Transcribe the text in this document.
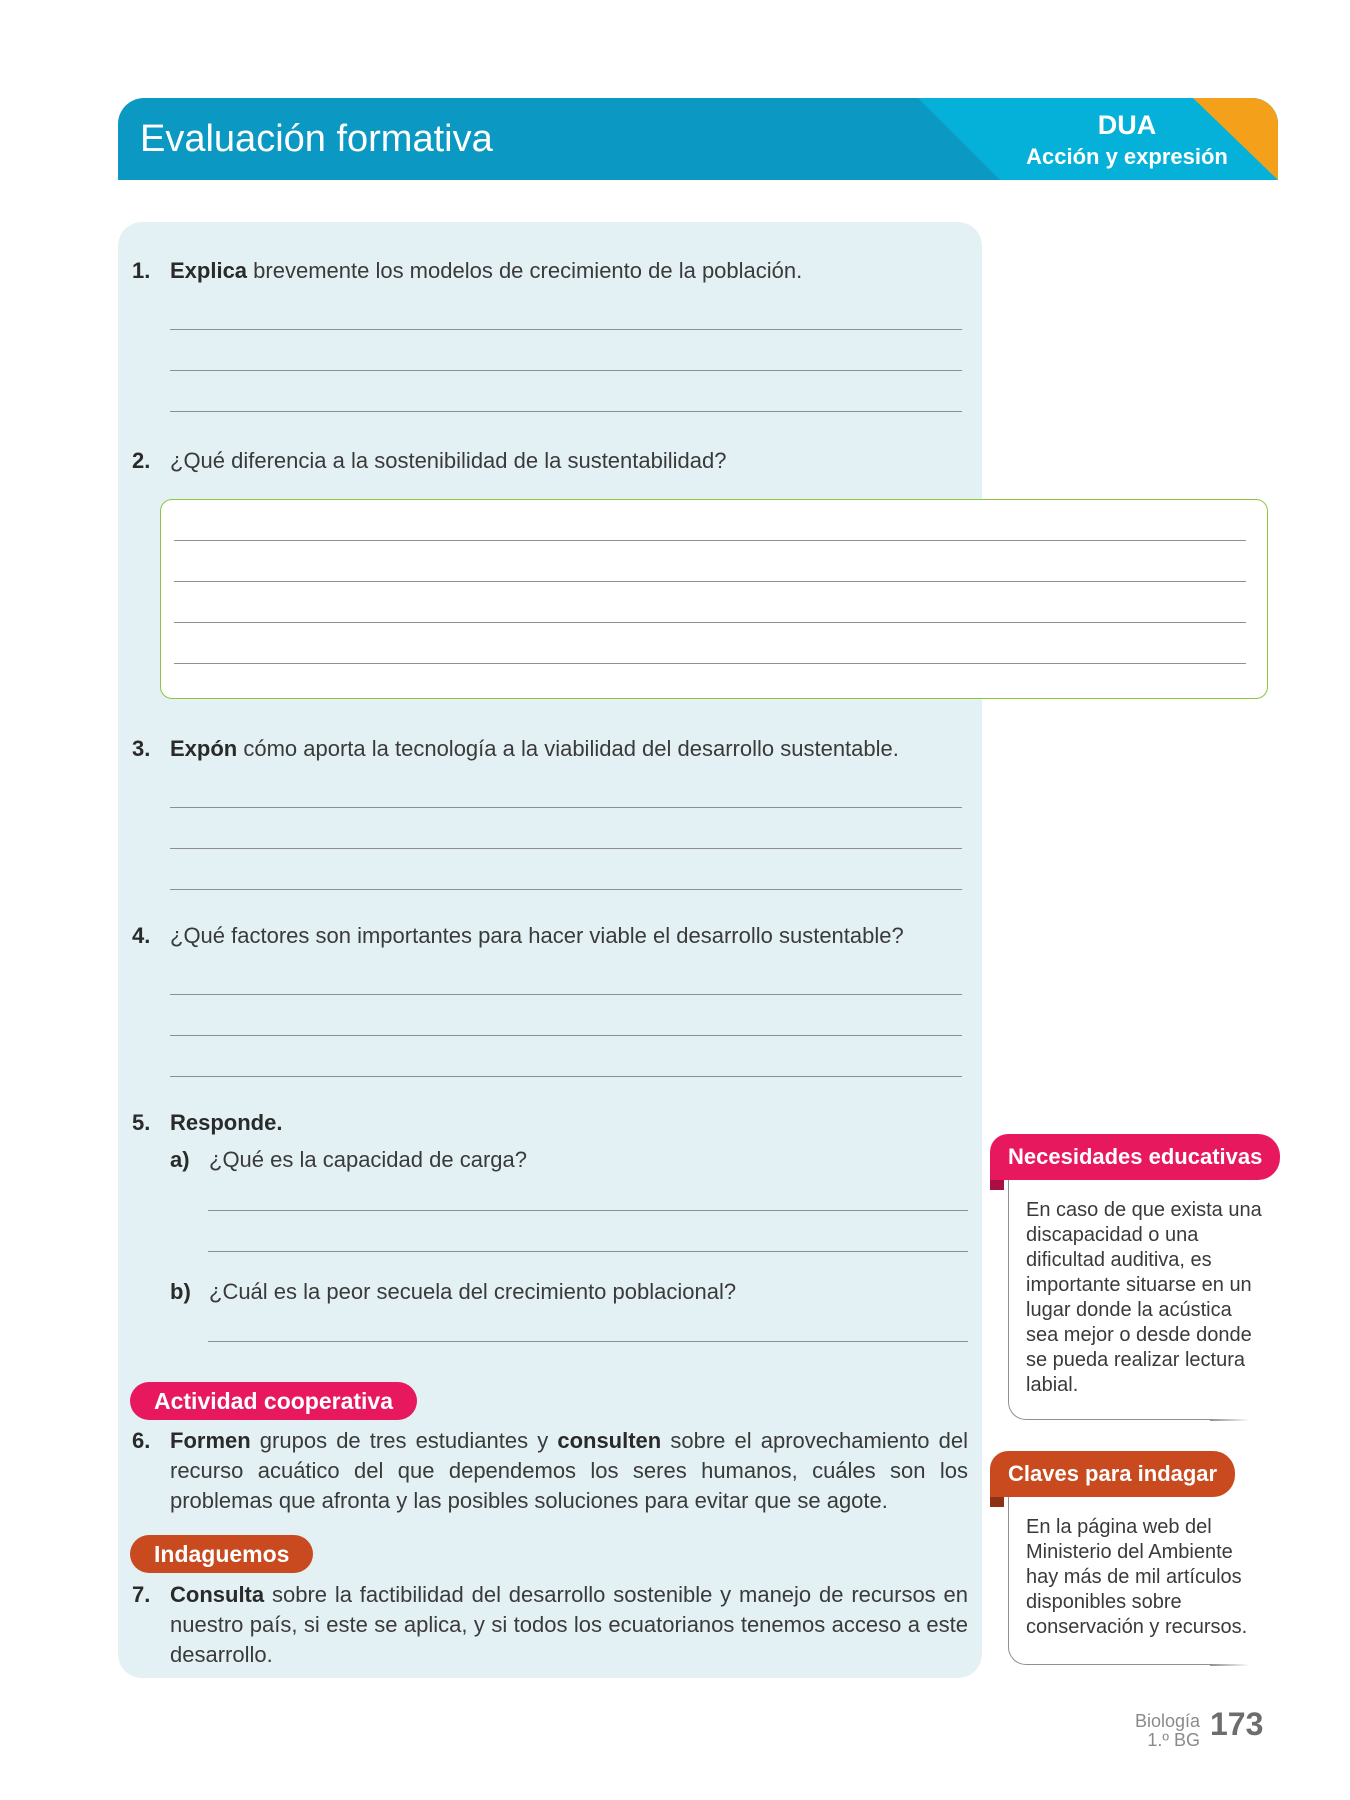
Evaluación formativa	DUA
Acción y expresión
1. Explica brevemente los modelos de crecimiento de la población.
2. ¿Qué diferencia a la sostenibilidad de la sustentabilidad?
3. Expón cómo aporta la tecnología a la viabilidad del desarrollo sustentable.
4. ¿Qué factores son importantes para hacer viable el desarrollo sustentable?
5. Responde.
a) ¿Qué es la capacidad de carga?
b) ¿Cuál es la peor secuela del crecimiento poblacional?
Actividad cooperativa
6. Formen grupos de tres estudiantes y consulten sobre el aprovechamiento del recurso acuático del que dependemos los seres humanos, cuáles son los problemas que afronta y las posibles soluciones para evitar que se agote.
Indaguemos
7. Consulta sobre la factibilidad del desarrollo sostenible y manejo de recursos en nuestro país, si este se aplica, y si todos los ecuatorianos tenemos acceso a este desarrollo.
Necesidades educativas
En caso de que exista una discapacidad o una dificultad auditiva, es importante situarse en un lugar donde la acústica sea mejor o desde donde se pueda realizar lectura labial.
Claves para indagar
En la página web del Ministerio del Ambiente hay más de mil artículos disponibles sobre conservación y recursos.
Biología
1.º BG 173
